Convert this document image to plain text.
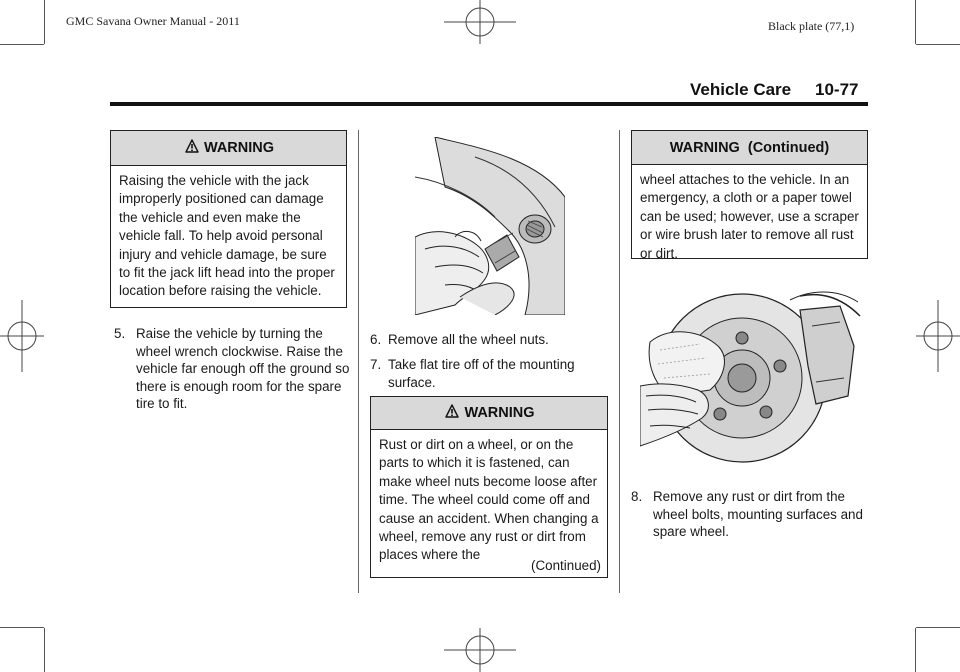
GMC Savana Owner Manual - 2011	Black plate (77,1)
Vehicle Care 10-77
WARNING
Raising the vehicle with the jack improperly positioned can damage the vehicle and even make the vehicle fall. To help avoid personal injury and vehicle damage, be sure to fit the jack lift head into the proper location before raising the vehicle.
5. Raise the vehicle by turning the wheel wrench clockwise. Raise the vehicle far enough off the ground so there is enough room for the spare tire to fit.
6. Remove all the wheel nuts.
7. Take flat tire off of the mounting surface.
WARNING
Rust or dirt on a wheel, or on the parts to which it is fastened, can make wheel nuts become loose after time. The wheel could come off and cause an accident. When changing a wheel, remove any rust or dirt from places where the
(Continued)
WARNING  (Continued)
wheel attaches to the vehicle. In an emergency, a cloth or a paper towel can be used; however, use a scraper or wire brush later to remove all rust or dirt.
8. Remove any rust or dirt from the wheel bolts, mounting surfaces and spare wheel.
